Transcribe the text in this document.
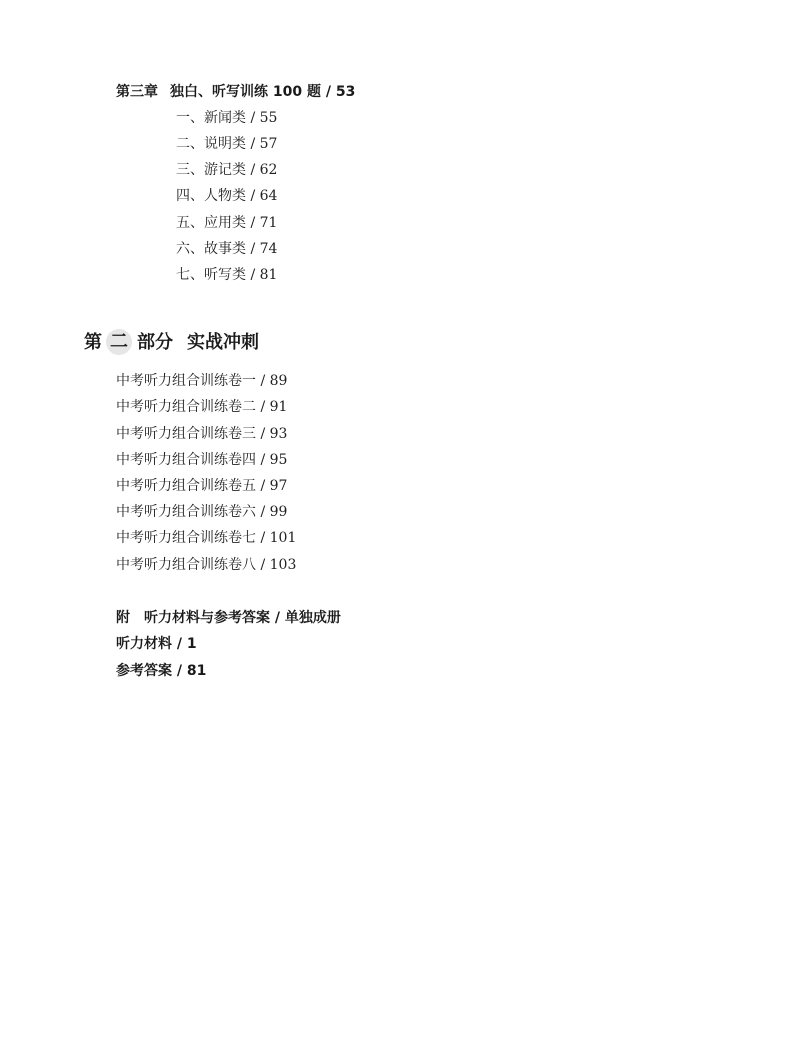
第三章 独白、听写训练 100 题 / 53
一、新闻类 / 55
二、说明类 / 57
三、游记类 / 62
四、人物类 / 64
五、应用类 / 71
六、故事类 / 74
七、听写类 / 81
第 二 部分 实战冲刺
中考听力组合训练卷一 / 89
中考听力组合训练卷二 / 91
中考听力组合训练卷三 / 93
中考听力组合训练卷四 / 95
中考听力组合训练卷五 / 97
中考听力组合训练卷六 / 99
中考听力组合训练卷七 / 101
中考听力组合训练卷八 / 103
附 听力材料与参考答案 / 单独成册
听力材料 / 1
参考答案 / 81
